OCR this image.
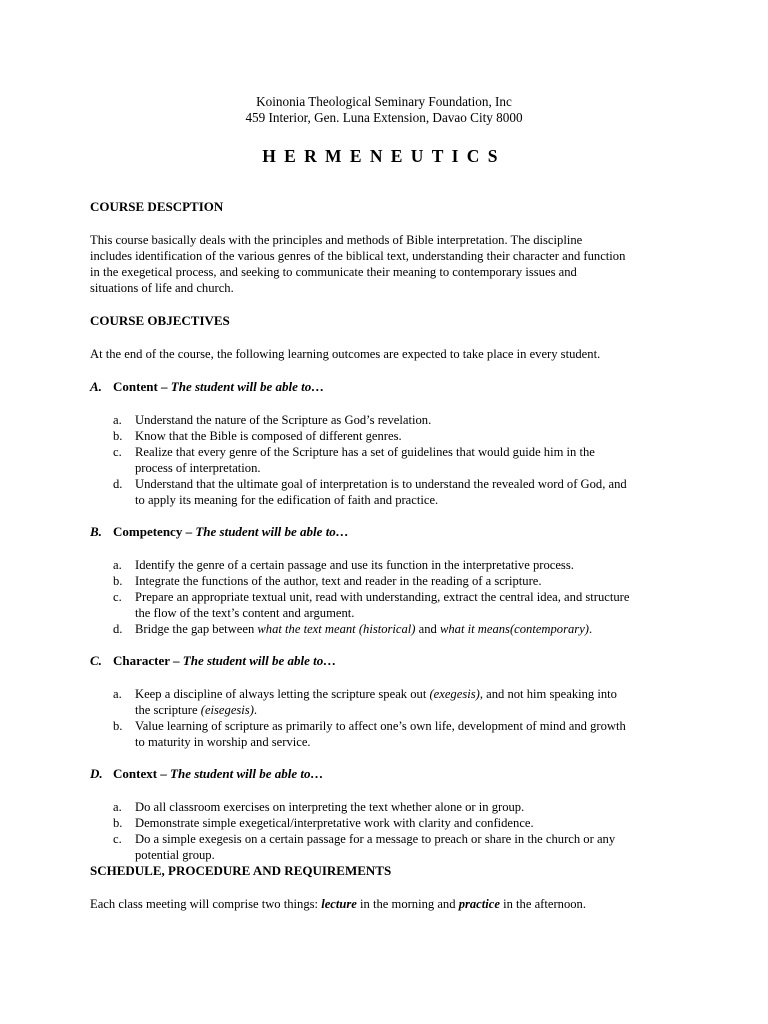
Koinonia Theological Seminary Foundation, Inc
459 Interior, Gen. Luna Extension, Davao City 8000
HERMENEUTICS
COURSE DESCPTION

This course basically deals with the principles and methods of Bible interpretation. The discipline
includes identification of the various genres of the biblical text, understanding their character and function
in the exegetical process, and seeking to communicate their meaning to contemporary issues and
situations of life and church.

COURSE OBJECTIVES

At the end of the course, the following learning outcomes are expected to take place in every student.

A. Content – The student will be able to…
a. Understand the nature of the Scripture as God’s revelation.
b. Know that the Bible is composed of different genres.
c. Realize that every genre of the Scripture has a set of guidelines that would guide him in the
process of interpretation.
d. Understand that the ultimate goal of interpretation is to understand the revealed word of God, and
to apply its meaning for the edification of faith and practice.
B. Competency – The student will be able to…
a. Identify the genre of a certain passage and use its function in the interpretative process.
b. Integrate the functions of the author, text and reader in the reading of a scripture.
c. Prepare an appropriate textual unit, read with understanding, extract the central idea, and structure
the flow of the text’s content and argument.
d. Bridge the gap between what the text meant (historical) and what it means(contemporary).
C. Character – The student will be able to…
a. Keep a discipline of always letting the scripture speak out (exegesis), and not him speaking into
the scripture (eisegesis).
b. Value learning of scripture as primarily to affect one’s own life, development of mind and growth
to maturity in worship and service.
D. Context – The student will be able to…
a. Do all classroom exercises on interpreting the text whether alone or in group.
b. Demonstrate simple exegetical/interpretative work with clarity and confidence.
c. Do a simple exegesis on a certain passage for a message to preach or share in the church or any
potential group.
SCHEDULE, PROCEDURE AND REQUIREMENTS

Each class meeting will comprise two things: lecture in the morning and practice in the afternoon.
